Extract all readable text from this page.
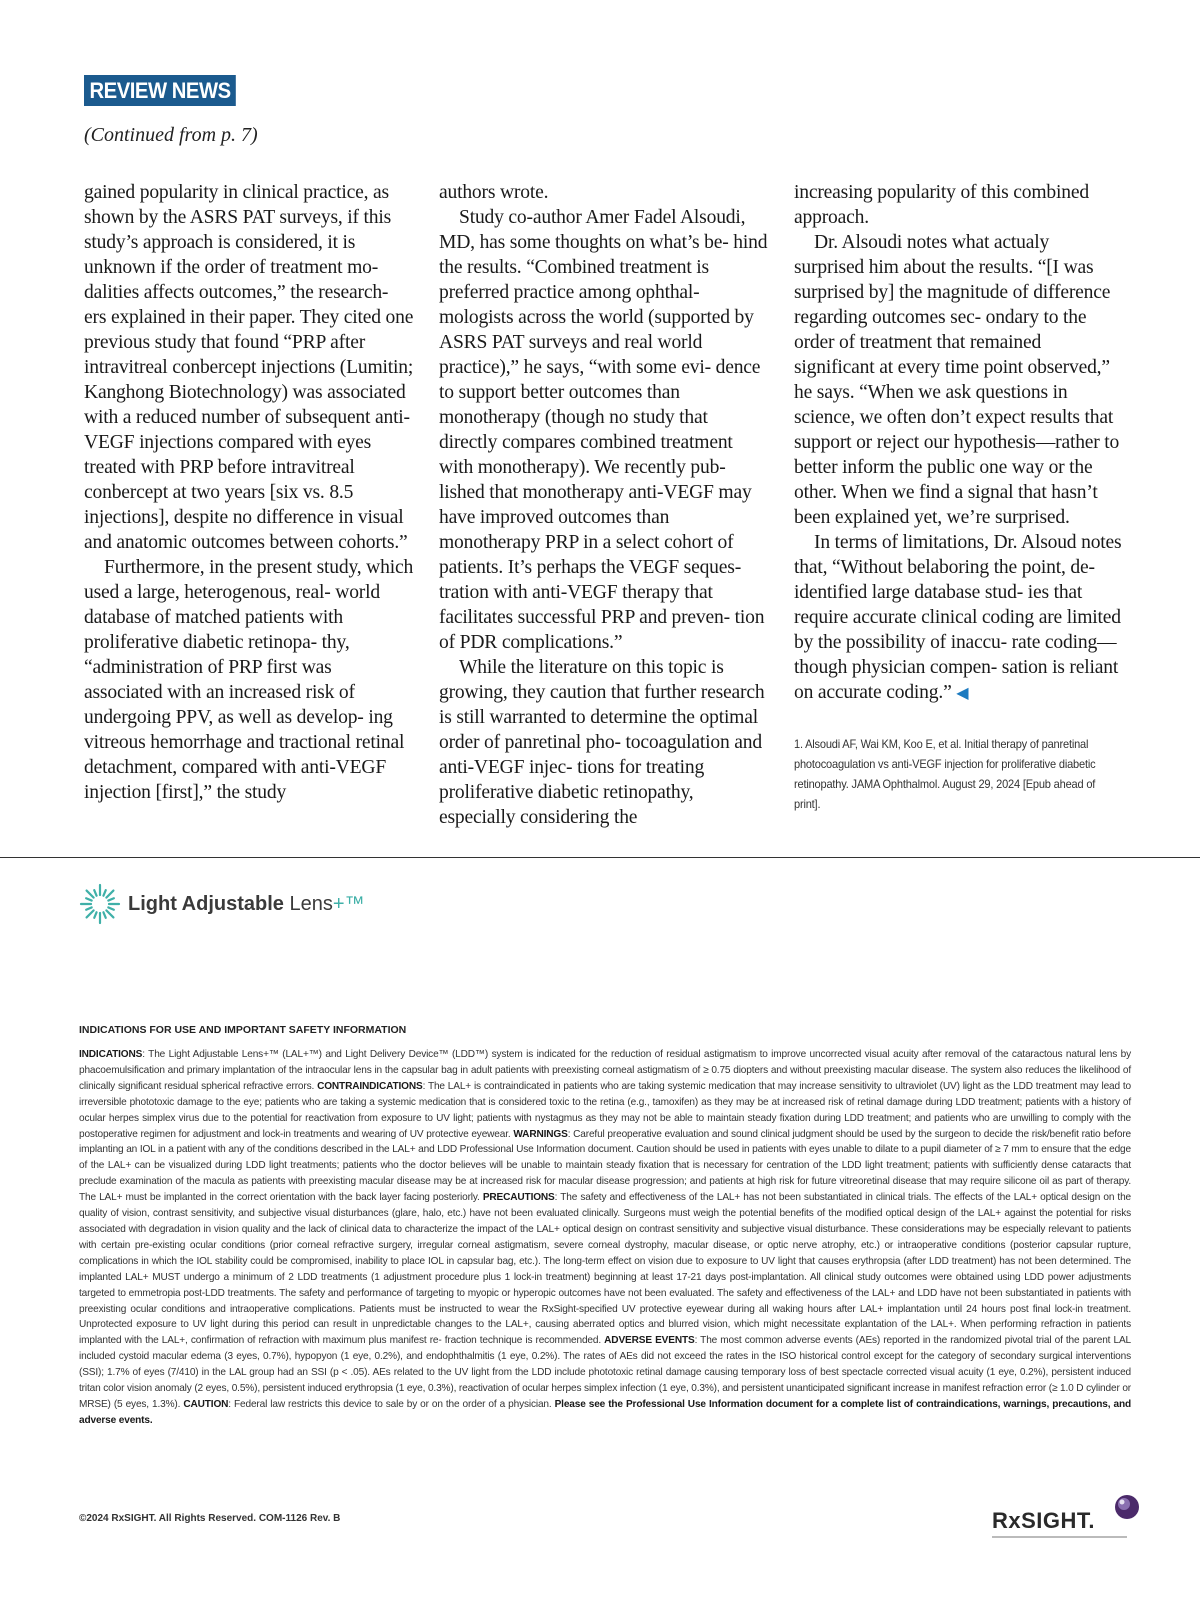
REVIEW NEWS
(Continued from p. 7)

gained popularity in clinical practice, as shown by the ASRS PAT surveys, if this study’s approach is considered, it is unknown if the order of treatment mo- dalities affects outcomes,” the research- ers explained in their paper. They cited one previous study that found “PRP after intravitreal conbercept injections (Lumitin; Kanghong Biotechnology) was associated with a reduced number of subsequent anti-VEGF injections compared with eyes treated with PRP before intravitreal conbercept at two years [six vs. 8.5 injections], despite no difference in visual and anatomic outcomes between cohorts.”

Furthermore, in the present study, which used a large, heterogenous, real- world database of matched patients with proliferative diabetic retinopa- thy, “administration of PRP first was associated with an increased risk of undergoing PPV, as well as develop- ing vitreous hemorrhage and tractional retinal detachment, compared with anti-VEGF injection [first],” the study

authors wrote.

Study co-author Amer Fadel Alsoudi, MD, has some thoughts on what’s be- hind the results. “Combined treatment is preferred practice among ophthal- mologists across the world (supported by ASRS PAT surveys and real world practice),” he says, “with some evi- dence to support better outcomes than monotherapy (though no study that directly compares combined treatment with monotherapy). We recently pub- lished that monotherapy anti-VEGF may have improved outcomes than monotherapy PRP in a select cohort of patients. It’s perhaps the VEGF seques- tration with anti-VEGF therapy that facilitates successful PRP and preven- tion of PDR complications.”

While the literature on this topic is growing, they caution that further research is still warranted to determine the optimal order of panretinal pho- tocoagulation and anti-VEGF injec- tions for treating proliferative diabetic retinopathy, especially considering the

increasing popularity of this combined approach.

Dr. Alsoudi notes what actualy surprised him about the results. “[I was surprised by] the magnitude of difference regarding outcomes sec- ondary to the order of treatment that remained significant at every time point observed,” he says. “When we ask questions in science, we often don’t expect results that support or reject our hypothesis—rather to better inform the public one way or the other. When we find a signal that hasn’t been explained yet, we’re surprised.

In terms of limitations, Dr. Alsoud notes that, “Without belaboring the point, de-identified large database stud- ies that require accurate clinical coding are limited by the possibility of inaccu- rate coding—though physician compen- sation is reliant on accurate coding.” ◀

1. Alsoudi AF, Wai KM, Koo E, et al. Initial therapy of panretinal photocoagulation vs anti-VEGF injection for proliferative diabetic retinopathy. JAMA Ophthalmol. August 29, 2024 [Epub ahead of print].
Light Adjustable Lens+™
INDICATIONS FOR USE AND IMPORTANT SAFETY INFORMATION
INDICATIONS: The Light Adjustable Lens+™ (LAL+™) and Light Delivery Device™ (LDD™) system is indicated for the reduction of residual astigmatism to improve uncorrected visual acuity after removal of the cataractous natural lens by phacoemulsification and primary implantation of the intraocular lens in the capsular bag in adult patients with preexisting corneal astigmatism of ≥ 0.75 diopters and without preexisting macular disease. The system also reduces the likelihood of clinically significant residual spherical refractive errors. CONTRAINDICATIONS: The LAL+ is contraindicated in patients who are taking systemic medication that may increase sensitivity to ultraviolet (UV) light as the LDD treatment may lead to irreversible phototoxic damage to the eye; patients who are taking a systemic medication that is considered toxic to the retina (e.g., tamoxifen) as they may be at increased risk of retinal damage during LDD treatment; patients with a history of ocular herpes simplex virus due to the potential for reactivation from exposure to UV light; patients with nystagmus as they may not be able to maintain steady fixation during LDD treatment; and patients who are unwilling to comply with the postoperative regimen for adjustment and lock-in treatments and wearing of UV protective eyewear. WARNINGS: Careful preoperative evaluation and sound clinical judgment should be used by the surgeon to decide the risk/benefit ratio before implanting an IOL in a patient with any of the conditions described in the LAL+ and LDD Professional Use Information document. Caution should be used in patients with eyes unable to dilate to a pupil diameter of ≥ 7 mm to ensure that the edge of the LAL+ can be visualized during LDD light treatments; patients who the doctor believes will be unable to maintain steady fixation that is necessary for centration of the LDD light treatment; patients with sufficiently dense cataracts that preclude examination of the macula as patients with preexisting macular disease may be at increased risk for macular disease progression; and patients at high risk for future vitreoretinal disease that may require silicone oil as part of therapy. The LAL+ must be implanted in the correct orientation with the back layer facing posteriorly. PRECAUTIONS: The safety and effectiveness of the LAL+ has not been substantiated in clinical trials. The effects of the LAL+ optical design on the quality of vision, contrast sensitivity, and subjective visual disturbances (glare, halo, etc.) have not been evaluated clinically. Surgeons must weigh the potential benefits of the modified optical design of the LAL+ against the potential for risks associated with degradation in vision quality and the lack of clinical data to characterize the impact of the LAL+ optical design on contrast sensitivity and subjective visual disturbance. These considerations may be especially relevant to patients with certain pre-existing ocular conditions (prior corneal refractive surgery, irregular corneal astigmatism, severe corneal dystrophy, macular disease, or optic nerve atrophy, etc.) or intraoperative conditions (posterior capsular rupture, complications in which the IOL stability could be compromised, inability to place IOL in capsular bag, etc.). The long-term effect on vision due to exposure to UV light that causes erythropsia (after LDD treatment) has not been determined. The implanted LAL+ MUST undergo a minimum of 2 LDD treatments (1 adjustment procedure plus 1 lock-in treatment) beginning at least 17-21 days post-implantation. All clinical study outcomes were obtained using LDD power adjustments targeted to emmetropia post-LDD treatments. The safety and performance of targeting to myopic or hyperopic outcomes have not been evaluated. The safety and effectiveness of the LAL+ and LDD have not been substantiated in patients with preexisting ocular conditions and intraoperative complications. Patients must be instructed to wear the RxSight-specified UV protective eyewear during all waking hours after LAL+ implantation until 24 hours post final lock-in treatment. Unprotected exposure to UV light during this period can result in unpredictable changes to the LAL+, causing aberrated optics and blurred vision, which might necessitate explantation of the LAL+. When performing refraction in patients implanted with the LAL+, confirmation of refraction with maximum plus manifest re- fraction technique is recommended. ADVERSE EVENTS: The most common adverse events (AEs) reported in the randomized pivotal trial of the parent LAL included cystoid macular edema (3 eyes, 0.7%), hypopyon (1 eye, 0.2%), and endophthalmitis (1 eye, 0.2%). The rates of AEs did not exceed the rates in the ISO historical control except for the category of secondary surgical interventions (SSI); 1.7% of eyes (7/410) in the LAL group had an SSI (p < .05). AEs related to the UV light from the LDD include phototoxic retinal damage causing temporary loss of best spectacle corrected visual acuity (1 eye, 0.2%), persistent induced tritan color vision anomaly (2 eyes, 0.5%), persistent induced erythropsia (1 eye, 0.3%), reactivation of ocular herpes simplex infection (1 eye, 0.3%), and persistent unanticipated significant increase in manifest refraction error (≥ 1.0 D cylinder or MRSE) (5 eyes, 1.3%). CAUTION: Federal law restricts this device to sale by or on the order of a physician. Please see the Professional Use Information document for a complete list of contraindications, warnings, precautions, and adverse events.
©2024 RxSIGHT. All Rights Reserved. COM-1126 Rev. B	RxSIGHT.
